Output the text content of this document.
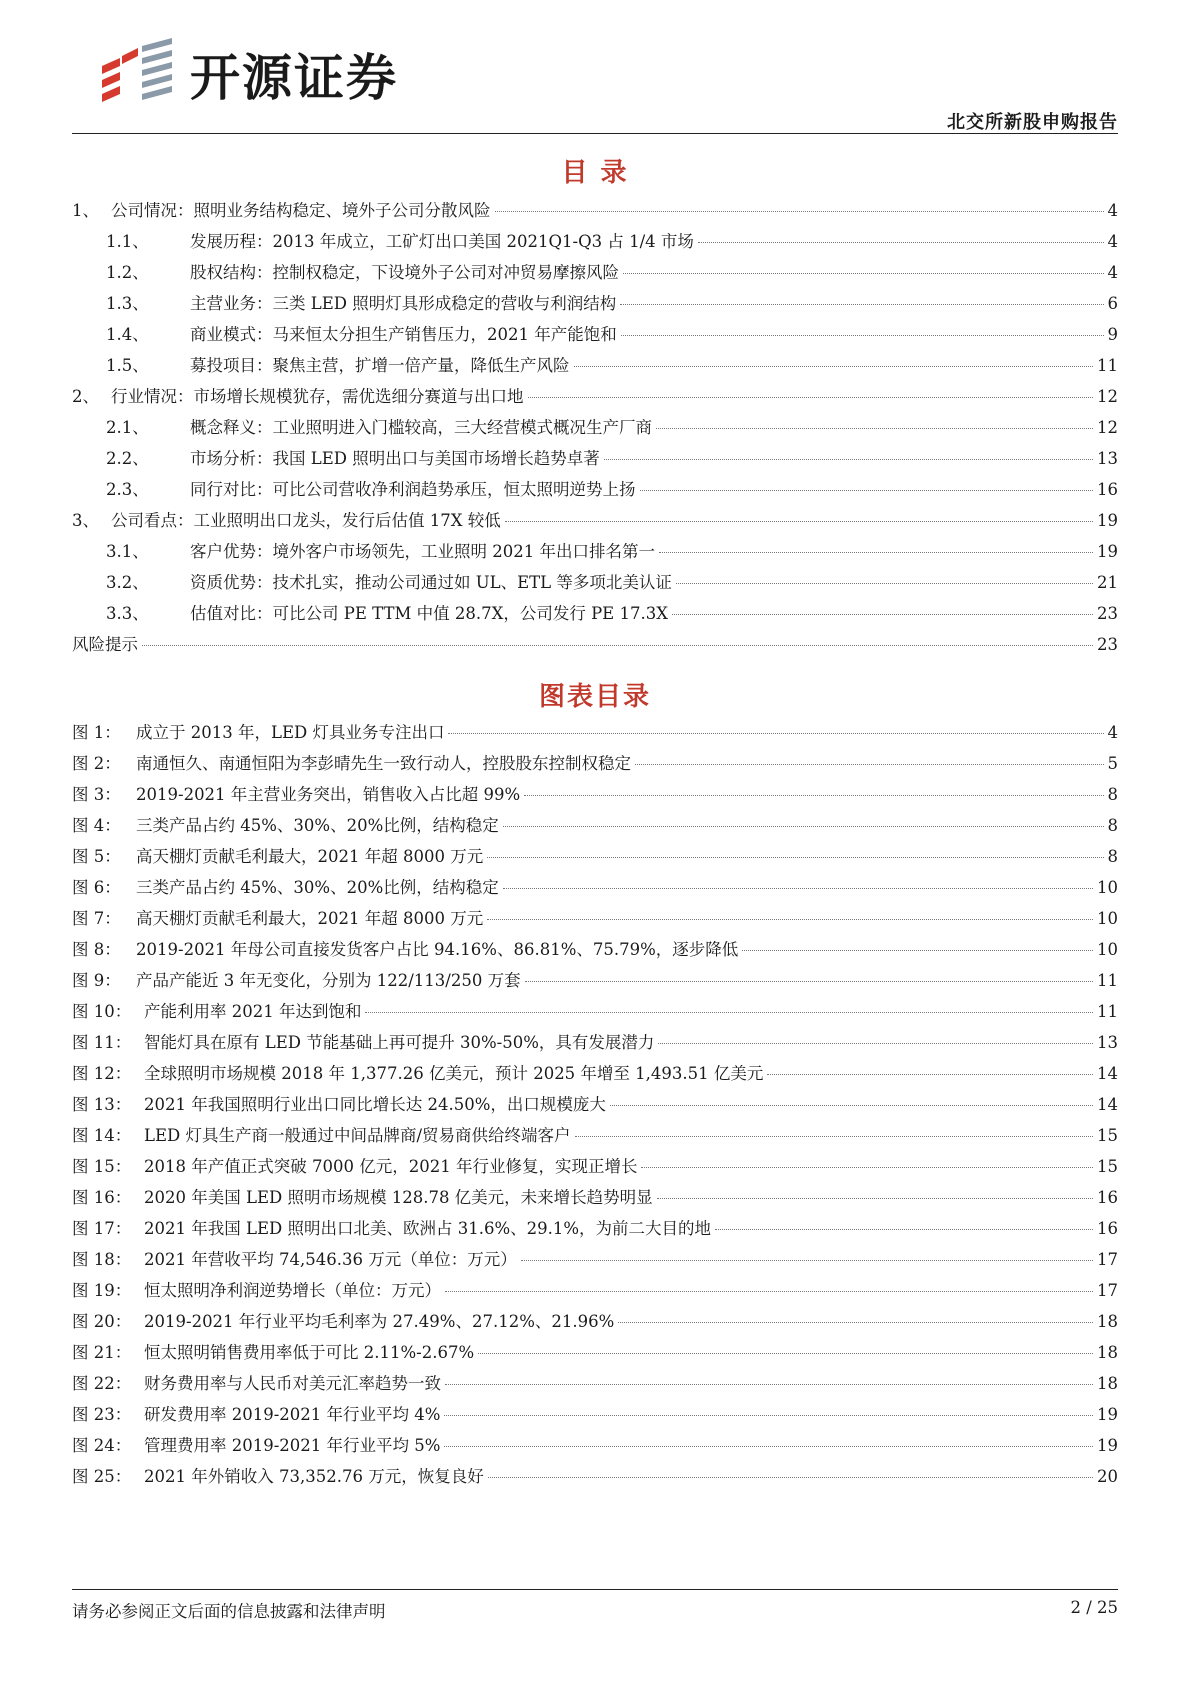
开源证券
北交所新股申购报告
目 录
1、 公司情况：照明业务结构稳定、境外子公司分散风险	4
1.1、	发展历程：2013 年成立，工矿灯出口美国 2021Q1-Q3 占 1/4 市场	4
1.2、	股权结构：控制权稳定，下设境外子公司对冲贸易摩擦风险	4
1.3、	主营业务：三类 LED 照明灯具形成稳定的营收与利润结构	6
1.4、	商业模式：马来恒太分担生产销售压力，2021 年产能饱和	9
1.5、	募投项目：聚焦主营，扩增一倍产量，降低生产风险	11
2、 行业情况：市场增长规模犹存，需优选细分赛道与出口地	12
2.1、	概念释义：工业照明进入门槛较高，三大经营模式概况生产厂商	12
2.2、	市场分析：我国 LED 照明出口与美国市场增长趋势卓著	13
2.3、	同行对比：可比公司营收净利润趋势承压，恒太照明逆势上扬	16
3、 公司看点：工业照明出口龙头，发行后估值 17X 较低	19
3.1、	客户优势：境外客户市场领先，工业照明 2021 年出口排名第一	19
3.2、	资质优势：技术扎实，推动公司通过如 UL、ETL 等多项北美认证	21
3.3、	估值对比：可比公司 PE TTM 中值 28.7X，公司发行 PE 17.3X	23
风险提示	23
图表目录
图 1： 成立于 2013 年，LED 灯具业务专注出口	4
图 2： 南通恒久、南通恒阳为李彭晴先生一致行动人，控股股东控制权稳定	5
图 3： 2019-2021 年主营业务突出，销售收入占比超 99%	8
图 4： 三类产品占约 45%、30%、20%比例，结构稳定	8
图 5： 高天棚灯贡献毛利最大，2021 年超 8000 万元	8
图 6： 三类产品占约 45%、30%、20%比例，结构稳定	10
图 7： 高天棚灯贡献毛利最大，2021 年超 8000 万元	10
图 8： 2019-2021 年母公司直接发货客户占比 94.16%、86.81%、75.79%，逐步降低	10
图 9： 产品产能近 3 年无变化，分别为 122/113/250 万套	11
图 10： 产能利用率 2021 年达到饱和	11
图 11： 智能灯具在原有 LED 节能基础上再可提升 30%-50%，具有发展潜力	13
图 12： 全球照明市场规模 2018 年 1,377.26 亿美元，预计 2025 年增至 1,493.51 亿美元	14
图 13： 2021 年我国照明行业出口同比增长达 24.50%，出口规模庞大	14
图 14： LED 灯具生产商一般通过中间品牌商/贸易商供给终端客户	15
图 15： 2018 年产值正式突破 7000 亿元，2021 年行业修复，实现正增长	15
图 16： 2020 年美国 LED 照明市场规模 128.78 亿美元，未来增长趋势明显	16
图 17： 2021 年我国 LED 照明出口北美、欧洲占 31.6%、29.1%，为前二大目的地	16
图 18： 2021 年营收平均 74,546.36 万元（单位：万元）	17
图 19： 恒太照明净利润逆势增长（单位：万元）	17
图 20： 2019-2021 年行业平均毛利率为 27.49%、27.12%、21.96%	18
图 21： 恒太照明销售费用率低于可比 2.11%-2.67%	18
图 22： 财务费用率与人民币对美元汇率趋势一致	18
图 23： 研发费用率 2019-2021 年行业平均 4%	19
图 24： 管理费用率 2019-2021 年行业平均 5%	19
图 25： 2021 年外销收入 73,352.76 万元，恢复良好	20
请务必参阅正文后面的信息披露和法律声明	2 / 25
